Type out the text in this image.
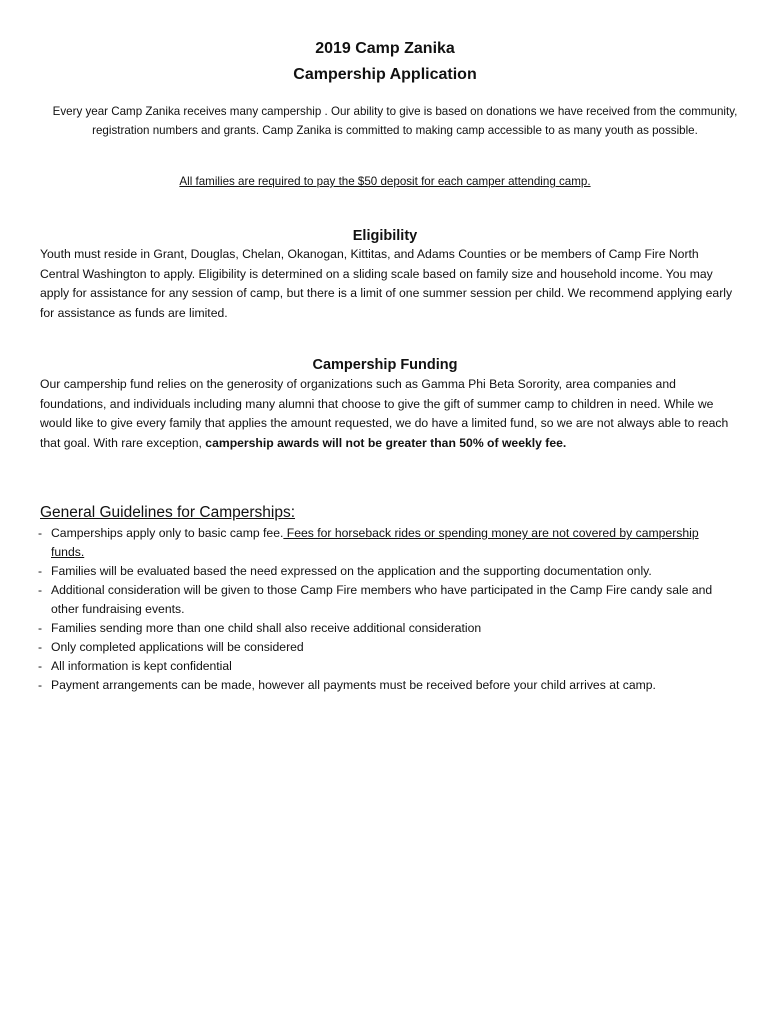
2019 Camp Zanika
Campership Application
Every year Camp Zanika receives many campership . Our ability to give is based on donations we have received from the community, registration numbers and grants. Camp Zanika is committed to making camp accessible to as many youth as possible.
All families are required to pay the $50 deposit for each camper attending camp.
Eligibility
Youth must reside in Grant, Douglas, Chelan, Okanogan, Kittitas, and Adams Counties or be members of Camp Fire North Central Washington to apply. Eligibility is determined on a sliding scale based on family size and household income. You may apply for assistance for any session of camp, but there is a limit of one summer session per child. We recommend applying early for assistance as funds are limited.
Campership Funding
Our campership fund relies on the generosity of organizations such as Gamma Phi Beta Sorority, area companies and foundations, and individuals including many alumni that choose to give the gift of summer camp to children in need. While we would like to give every family that applies the amount requested, we do have a limited fund, so we are not always able to reach that goal. With rare exception, campership awards will not be greater than 50% of weekly fee.
General Guidelines for Camperships:
- Camperships apply only to basic camp fee. Fees for horseback rides or spending money are not covered by campership funds.
- Families will be evaluated based the need expressed on the application and the supporting documentation only.
- Additional consideration will be given to those Camp Fire members who have participated in the Camp Fire candy sale and other fundraising events.
- Families sending more than one child shall also receive additional consideration
- Only completed applications will be considered
- All information is kept confidential
- Payment arrangements can be made, however all payments must be received before your child arrives at camp.
